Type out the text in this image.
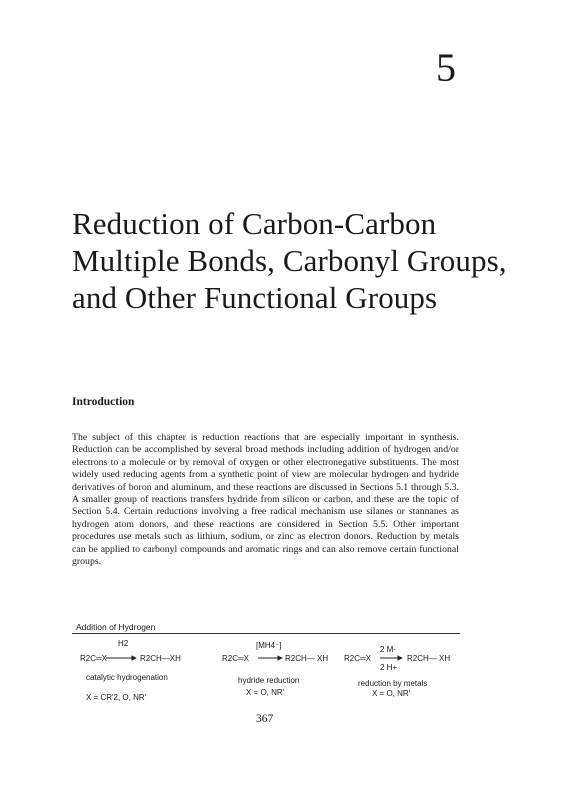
5
Reduction of Carbon-Carbon Multiple Bonds, Carbonyl Groups, and Other Functional Groups
Introduction

The subject of this chapter is reduction reactions that are especially important in synthesis. Reduction can be accomplished by several broad methods including addition of hydrogen and/or electrons to a molecule or by removal of oxygen or other electronegative substituents. The most widely used reducing agents from a synthetic point of view are molecular hydrogen and hydride derivatives of boron and aluminum, and these reactions are discussed in Sections 5.1 through 5.3. A smaller group of reactions transfers hydride from silicon or carbon, and these are the topic of Section 5.4. Certain reductions involving a free radical mechanism use silanes or stannanes as hydrogen atom donors, and these reactions are considered in Section 5.5. Other important procedures use metals such as lithium, sodium, or zinc as electron donors. Reduction by metals can be applied to carbonyl compounds and aromatic rings and can also remove certain functional groups.

Addition of Hydrogen
H2
R2C═X	R2CH—XH
catalytic hydrogenation
X = CR′2, O, NR′
[MH4⁻]
R2C═X	R2CH— XH
hydride reduction
X = O, NR′
2 M·
2 H+
R2C═X	R2CH— XH
reduction by metals
X = O, NR′
367
